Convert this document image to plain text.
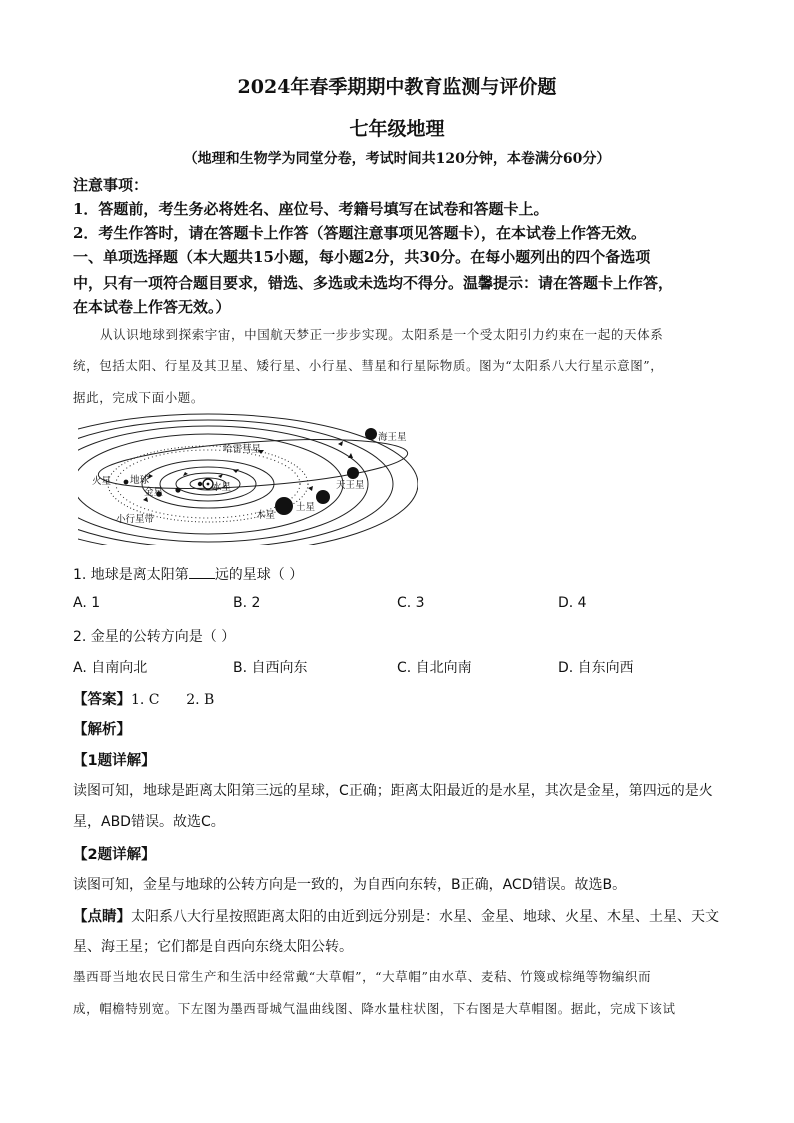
2024年春季期期中教育监测与评价题
七年级地理
（地理和生物学为同堂分卷，考试时间共120分钟，本卷满分60分）
注意事项：
1．答题前，考生务必将姓名、座位号、考籍号填写在试卷和答题卡上。
2．考生作答时，请在答题卡上作答（答题注意事项见答题卡），在本试卷上作答无效。
一、单项选择题（本大题共15小题，每小题2分，共30分。在每小题列出的四个备选项
中，只有一项符合题目要求，错选、多选或未选均不得分。温馨提示：请在答题卡上作答，
在本试卷上作答无效。）
从认识地球到探索宇宙，中国航天梦正一步步实现。太阳系是一个受太阳引力约束在一起的天体系
统，包括太阳、行星及其卫星、矮行星、小行星、彗星和行星际物质。图为“太阳系八大行星示意图”，
据此，完成下面小题。
水星
金星
地球
火星
木星
土星
天王星
海王星
哈雷彗星
小行星带
1. 地球是离太阳第 远的星球（ ）
A. 1	B. 2	C. 3	D. 4
2. 金星的公转方向是（ ）
A. 自南向北	B. 自西向东	C. 自北向南	D. 自东向西
【答案】1. C      2. B
【解析】
【1题详解】
读图可知，地球是距离太阳第三远的星球，C正确；距离太阳最近的是水星，其次是金星，第四远的是火
星，ABD错误。故选C。
【2题详解】
读图可知，金星与地球的公转方向是一致的，为自西向东转，B正确，ACD错误。故选B。
【点睛】太阳系八大行星按照距离太阳的由近到远分别是：水星、金星、地球、火星、木星、土星、天文
星、海王星；它们都是自西向东绕太阳公转。
墨西哥当地农民日常生产和生活中经常戴“大草帽”，“大草帽”由水草、麦秸、竹篾或棕绳等物编织而
成，帽檐特别宽。下左图为墨西哥城气温曲线图、降水量柱状图，下右图是大草帽图。据此，完成下该试
